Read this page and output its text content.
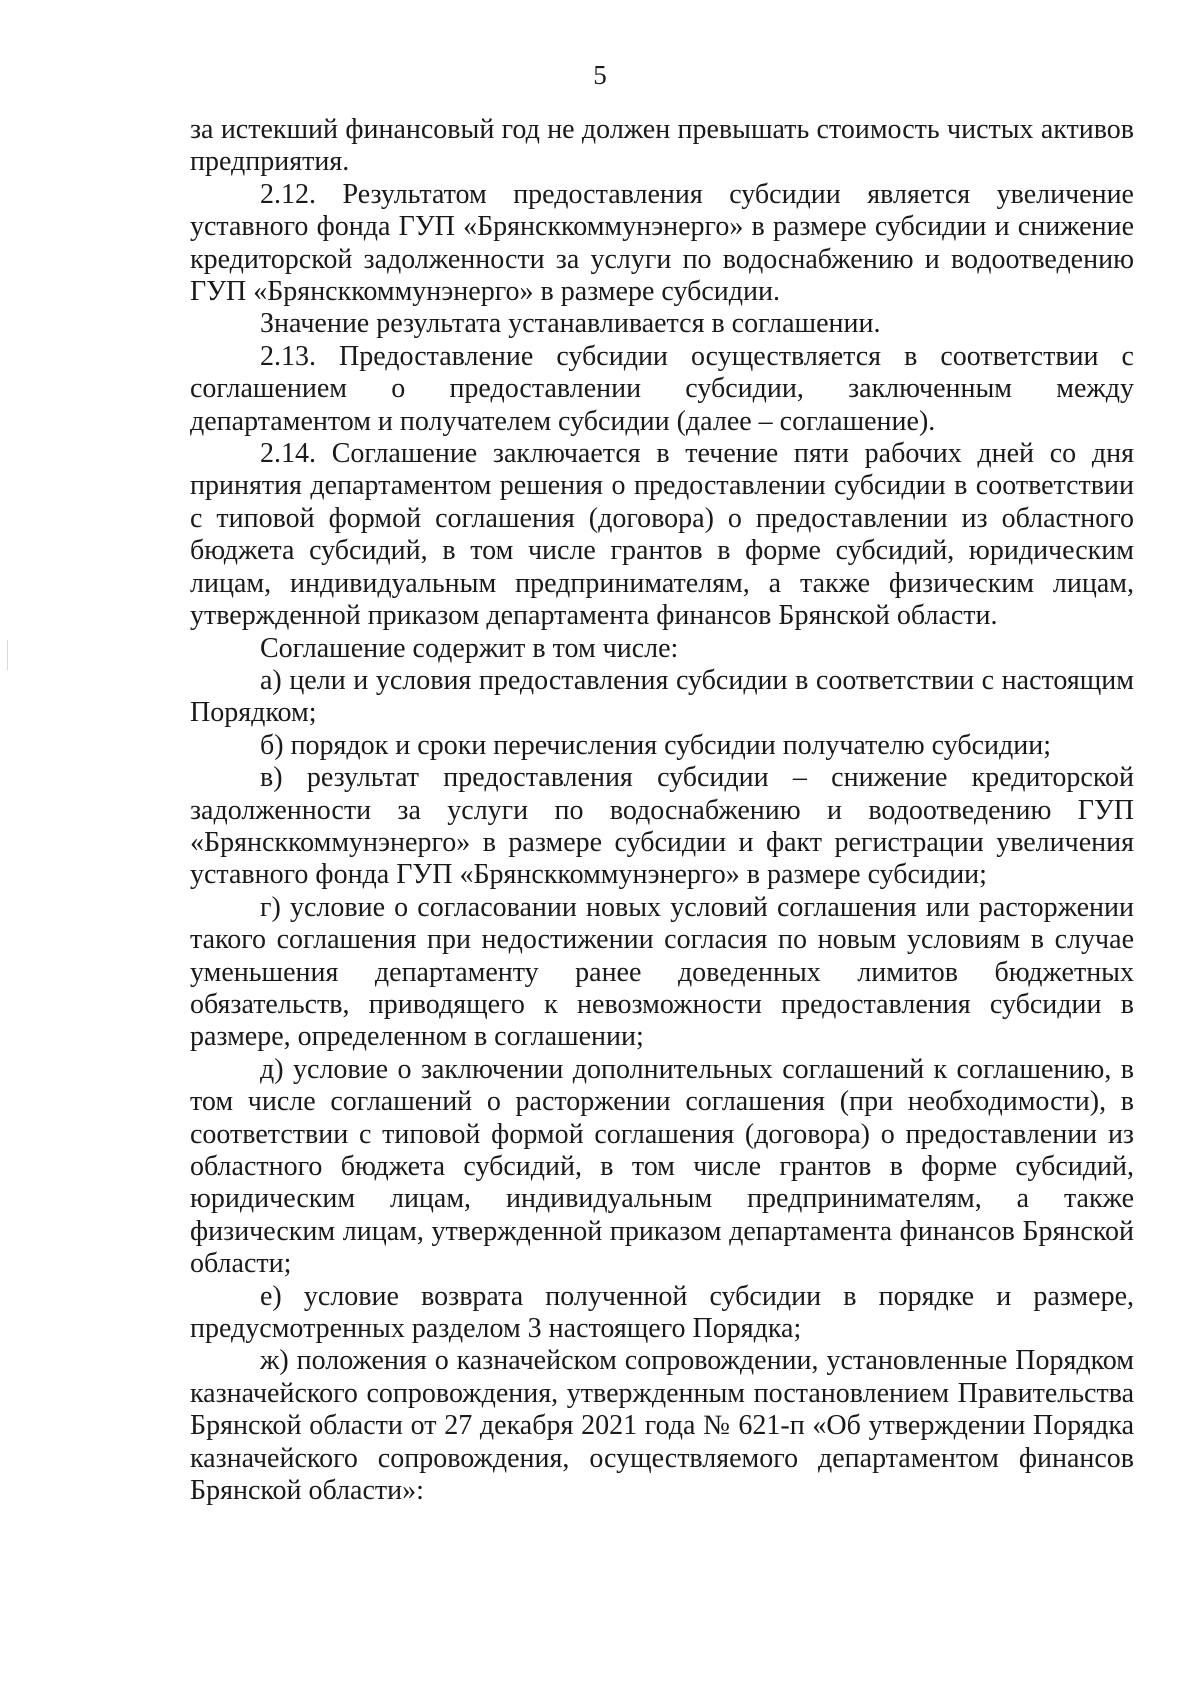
5

за истекший финансовый год не должен превышать стоимость чистых активов предприятия.

2.12. Результатом предоставления субсидии является увеличение уставного фонда ГУП «Брянсккоммунэнерго» в размере субсидии и снижение кредиторской задолженности за услуги по водоснабжению и водоотведению ГУП «Брянсккоммунэнерго» в размере субсидии.

Значение результата устанавливается в соглашении.

2.13. Предоставление субсидии осуществляется в соответствии с соглашением о предоставлении субсидии, заключенным между департаментом и получателем субсидии (далее – соглашение).

2.14. Соглашение заключается в течение пяти рабочих дней со дня принятия департаментом решения о предоставлении субсидии в соответствии с типовой формой соглашения (договора) о предоставлении из областного бюджета субсидий, в том числе грантов в форме субсидий, юридическим лицам, индивидуальным предпринимателям, а также физическим лицам, утвержденной приказом департамента финансов Брянской области.

Соглашение содержит в том числе:

а) цели и условия предоставления субсидии в соответствии с настоящим Порядком;

б) порядок и сроки перечисления субсидии получателю субсидии;

в) результат предоставления субсидии – снижение кредиторской задолженности за услуги по водоснабжению и водоотведению ГУП «Брянсккоммунэнерго» в размере субсидии и факт регистрации увеличения уставного фонда ГУП «Брянсккоммунэнерго» в размере субсидии;

г) условие о согласовании новых условий соглашения или расторжении такого соглашения при недостижении согласия по новым условиям в случае уменьшения департаменту ранее доведенных лимитов бюджетных обязательств, приводящего к невозможности предоставления субсидии в размере, определенном в соглашении;

д) условие о заключении дополнительных соглашений к соглашению, в том числе соглашений о расторжении соглашения (при необходимости), в соответствии с типовой формой соглашения (договора) о предоставлении из областного бюджета субсидий, в том числе грантов в форме субсидий, юридическим лицам, индивидуальным предпринимателям, а также физическим лицам, утвержденной приказом департамента финансов Брянской области;

е) условие возврата полученной субсидии в порядке и размере, предусмотренных разделом 3 настоящего Порядка;

ж) положения о казначейском сопровождении, установленные Порядком казначейского сопровождения, утвержденным постановлением Правительства Брянской области от 27 декабря 2021 года № 621-п «Об утверждении Порядка казначейского сопровождения, осуществляемого департаментом финансов Брянской области»:
